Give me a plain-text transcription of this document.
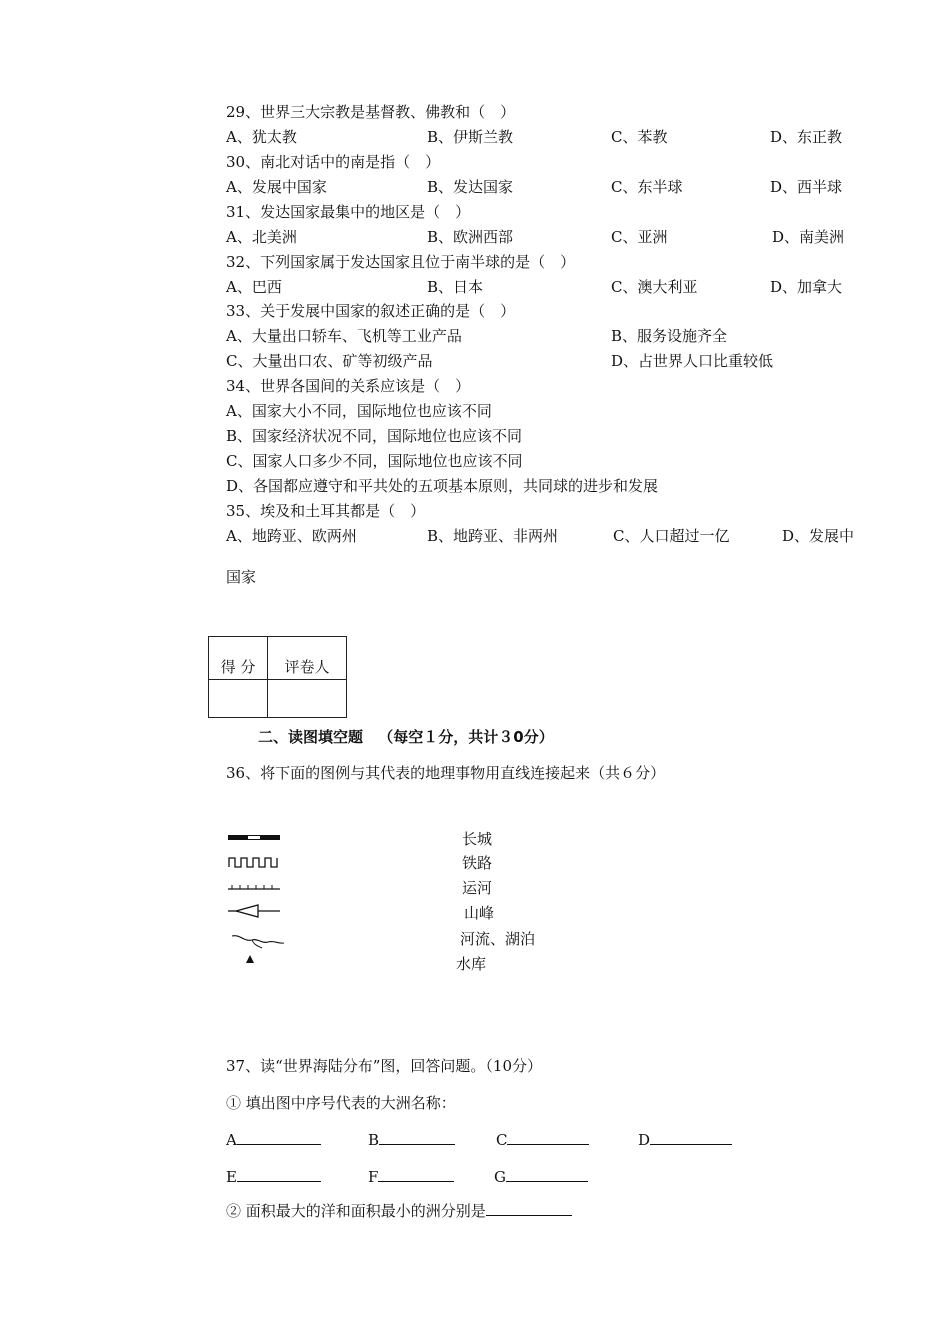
29、世界三大宗教是基督教、佛教和（　）
A、犹太教	B、伊斯兰教	C、苯教	D、东正教
30、南北对话中的南是指（　）
A、发展中国家	B、发达国家	C、东半球	D、西半球
31、发达国家最集中的地区是（　）
A、北美洲	B、欧洲西部	C、亚洲	D、南美洲
32、下列国家属于发达国家且位于南半球的是（　）
A、巴西	B、日本	C、澳大利亚	D、加拿大
33、关于发展中国家的叙述正确的是（　）
A、大量出口轿车、飞机等工业产品	B、服务设施齐全
C、大量出口农、矿等初级产品	D、占世界人口比重较低
34、世界各国间的关系应该是（　）
A、国家大小不同，国际地位也应该不同
B、国家经济状况不同，国际地位也应该不同
C、国家人口多少不同，国际地位也应该不同
D、各国都应遵守和平共处的五项基本原则，共同球的进步和发展
35、埃及和土耳其都是（　）
A、地跨亚、欧两州	B、地跨亚、非两州	C、人口超过一亿	D、发展中
国家
得 分	评卷人

二、读图填空题 （每空１分，共计３0分）
36、将下面的图例与其代表的地理事物用直线连接起来（共６分）
长城
铁路
运河
山峰
河流、湖泊
水库
37、读“世界海陆分布”图，回答问题。（10分）
① 填出图中序号代表的大洲名称：
A	B	C	D
E	F	G
② 面积最大的洋和面积最小的洲分别是
